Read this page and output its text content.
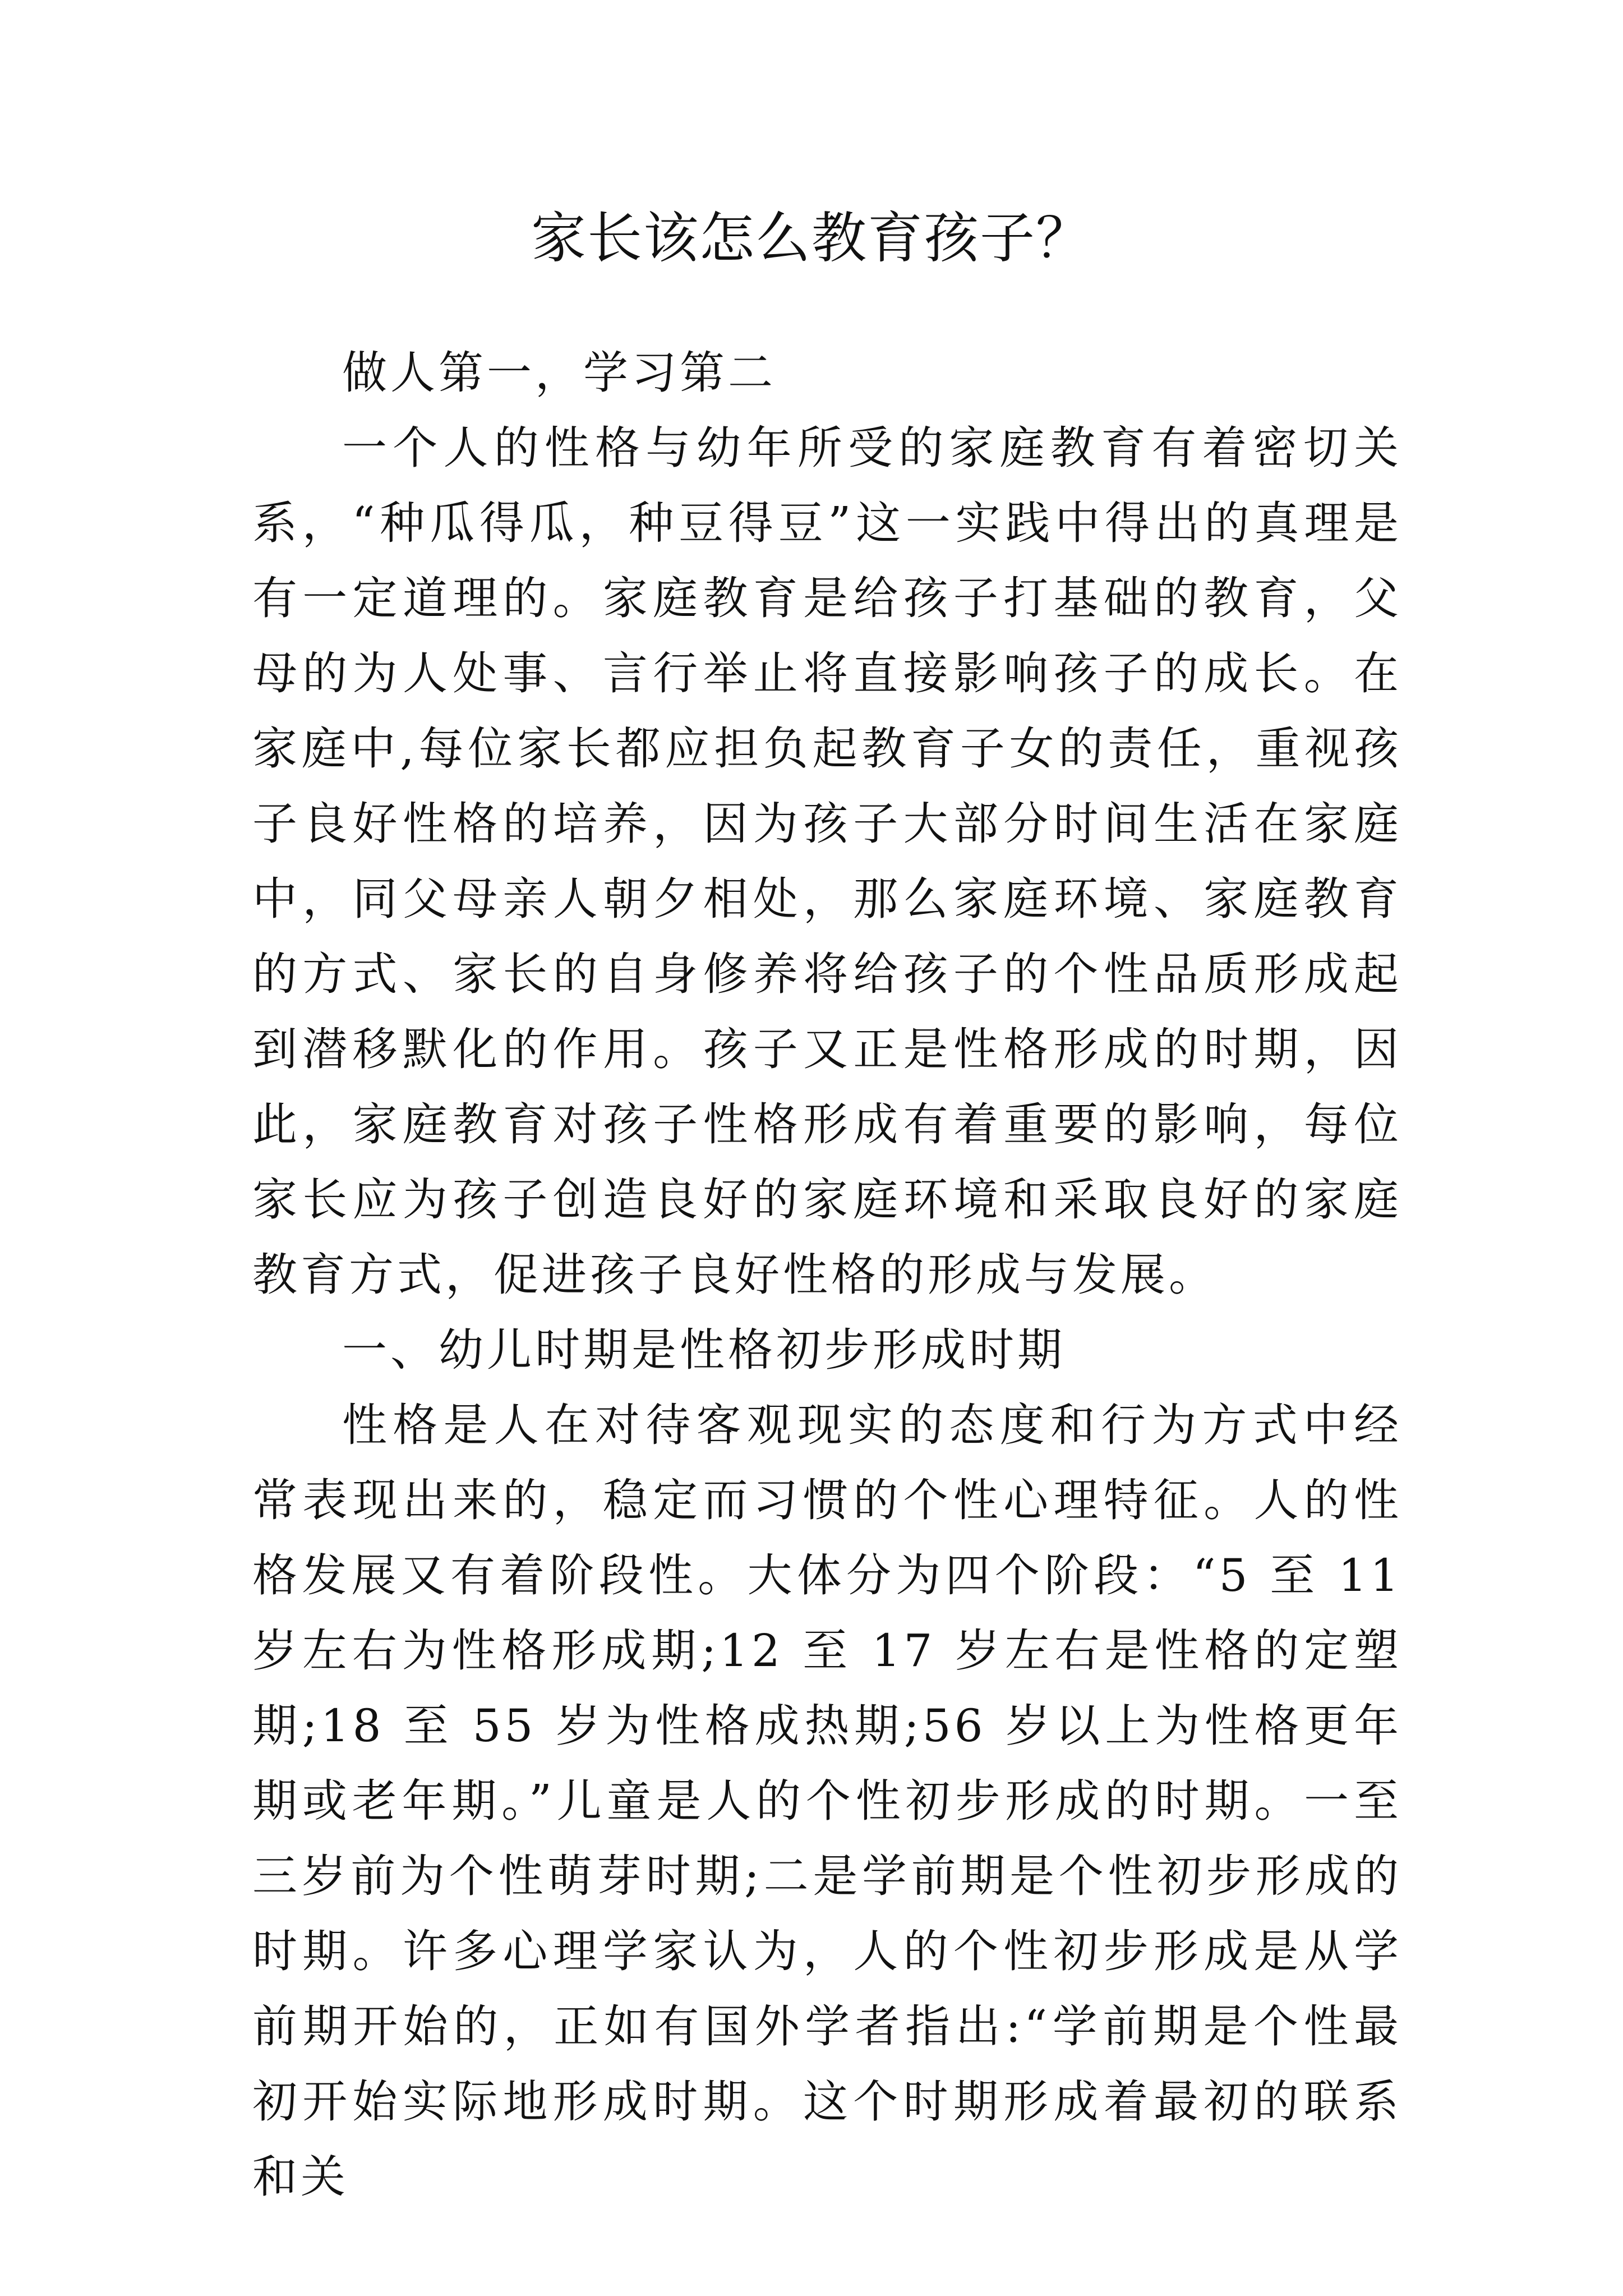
家长该怎么教育孩子？

做人第一，学习第二

一个人的性格与幼年所受的家庭教育有着密切关系，“种瓜得瓜，种豆得豆”这一实践中得出的真理是有一定道理的。家庭教育是给孩子打基础的教育，父母的为人处事、言行举止将直接影响孩子的成长。在家庭中,每位家长都应担负起教育子女的责任，重视孩子良好性格的培养，因为孩子大部分时间生活在家庭中，同父母亲人朝夕相处，那么家庭环境、家庭教育的方式、家长的自身修养将给孩子的个性品质形成起到潜移默化的作用。孩子又正是性格形成的时期，因此，家庭教育对孩子性格形成有着重要的影响，每位家长应为孩子创造良好的家庭环境和采取良好的家庭教育方式，促进孩子良好性格的形成与发展。

一、幼儿时期是性格初步形成时期

性格是人在对待客观现实的态度和行为方式中经常表现出来的，稳定而习惯的个性心理特征。人的性格发展又有着阶段性。大体分为四个阶段：“5 至 11 岁左右为性格形成期;12 至 17 岁左右是性格的定塑期;18 至 55 岁为性格成热期;56 岁以上为性格更年期或老年期。”儿童是人的个性初步形成的时期。一至三岁前为个性萌芽时期;二是学前期是个性初步形成的时期。许多心理学家认为，人的个性初步形成是从学前期开始的，正如有国外学者指出:“学前期是个性最初开始实际地形成时期。这个时期形成着最初的联系和关
